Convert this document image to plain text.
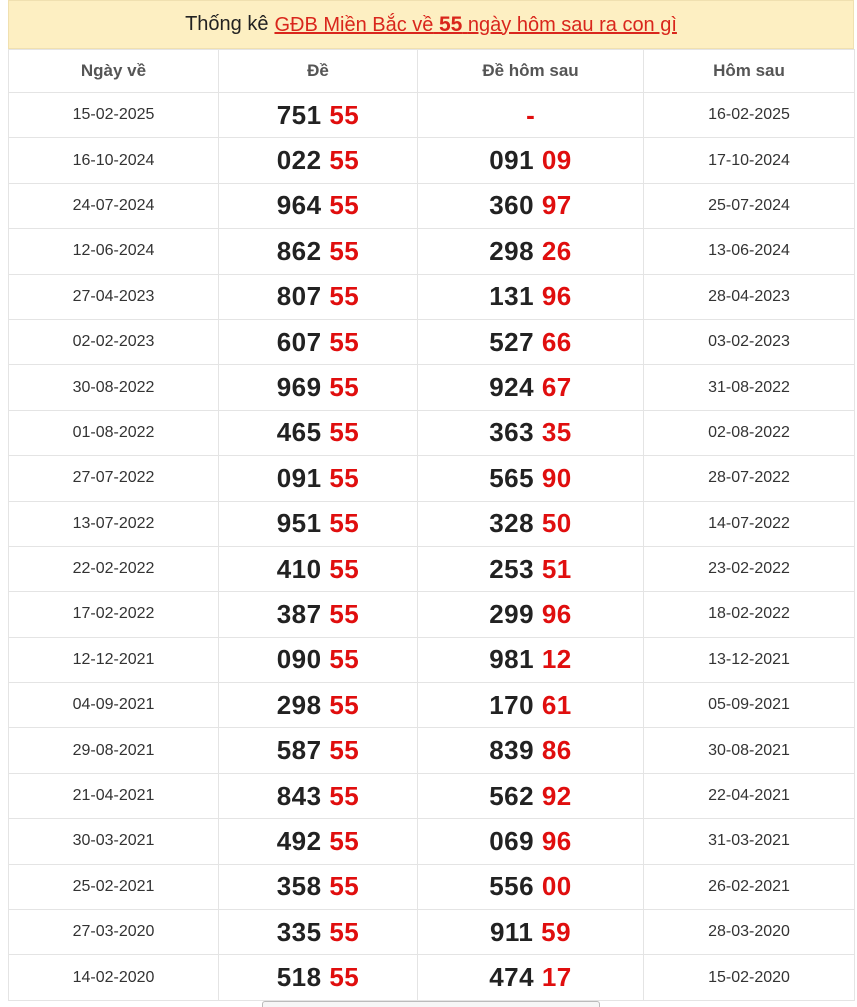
Thống kê GĐB Miền Bắc về 55 ngày hôm sau ra con gì
Ngày về	Đề	Đề hôm sau	Hôm sau
15-02-2025	751 55	-	16-02-2025
16-10-2024	022 55	091 09	17-10-2024
24-07-2024	964 55	360 97	25-07-2024
12-06-2024	862 55	298 26	13-06-2024
27-04-2023	807 55	131 96	28-04-2023
02-02-2023	607 55	527 66	03-02-2023
30-08-2022	969 55	924 67	31-08-2022
01-08-2022	465 55	363 35	02-08-2022
27-07-2022	091 55	565 90	28-07-2022
13-07-2022	951 55	328 50	14-07-2022
22-02-2022	410 55	253 51	23-02-2022
17-02-2022	387 55	299 96	18-02-2022
12-12-2021	090 55	981 12	13-12-2021
04-09-2021	298 55	170 61	05-09-2021
29-08-2021	587 55	839 86	30-08-2021
21-04-2021	843 55	562 92	22-04-2021
30-03-2021	492 55	069 96	31-03-2021
25-02-2021	358 55	556 00	26-02-2021
27-03-2020	335 55	911 59	28-03-2020
14-02-2020	518 55	474 17	15-02-2020
